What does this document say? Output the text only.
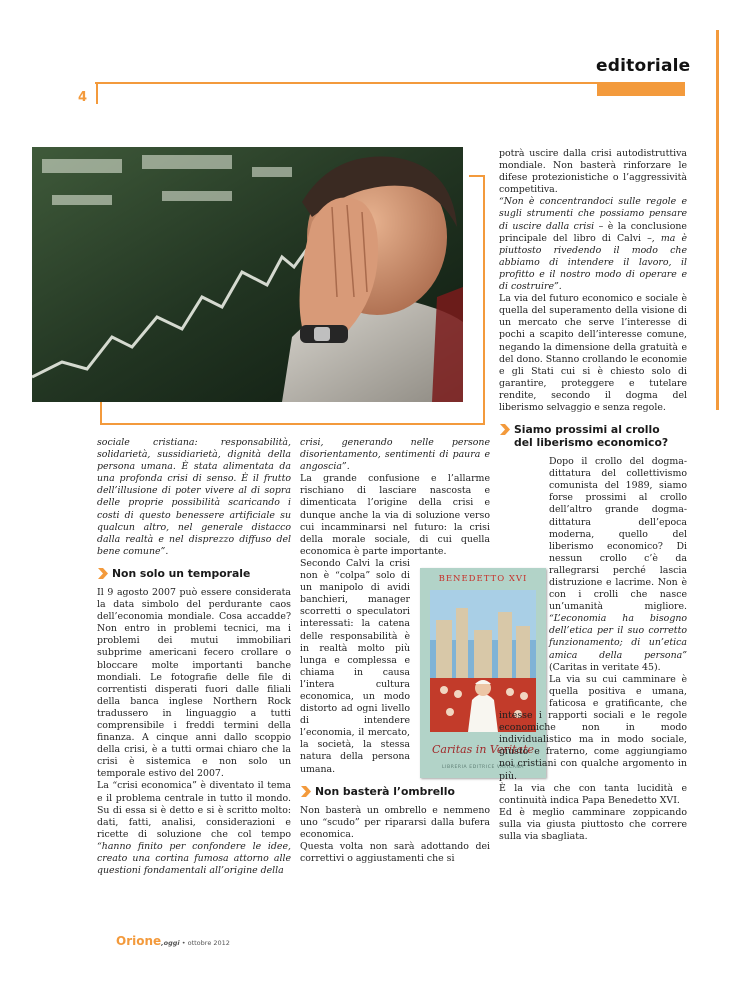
editoriale
4

sociale cristiana: responsabilità, solidarietà, sussidiarietà, dignità della persona umana. È stata alimentata da una profonda crisi di senso. È il frutto dell’illusione di poter vivere al di sopra delle proprie possibilità scaricando i costi di questo benessere artificiale su qualcun altro, nel generale distacco dalla realtà e nel disprezzo diffuso del bene comune”.

Non solo un temporale

Il 9 agosto 2007 può essere considerata la data simbolo del perdurante caos dell’economia mondiale. Cosa accadde? Non entro in problemi tecnici, ma i problemi dei mutui immobiliari subprime americani fecero crollare o bloccare molte importanti banche mondiali. Le fotografie delle file di correntisti disperati fuori dalle filiali della banca inglese Northern Rock tradussero in linguaggio a tutti comprensibile i freddi termini della finanza. A cinque anni dallo scoppio della crisi, è a tutti ormai chiaro che la crisi è sistemica e non solo un temporale estivo del 2007.

La “crisi economica” è diventato il tema e il problema centrale in tutto il mondo. Su di essa si è detto e si è scritto molto: dati, fatti, analisi, considerazioni e ricette di soluzione che col tempo “hanno finito per confondere le idee, creato una cortina fumosa attorno alle questioni fondamentali all’origine della

crisi, generando nelle persone disorientamento, sentimenti di paura e angoscia”.

La grande confusione e l’allarme rischiano di lasciare nascosta e dimenticata l’origine della crisi e dunque anche la via di soluzione verso cui incamminarsi nel futuro: la crisi della morale sociale, di cui quella economica è parte importante.

Secondo Calvi la crisi non è “colpa” solo di un manipolo di avidi banchieri, manager scorretti o speculatori interessati: la catena delle responsabilità è in realtà molto più lunga e complessa e chiama in causa l’intera cultura economica, un modo distorto ad ogni livello di intendere l’economia, il mercato, la società, la stessa natura della persona umana.

Non basterà l’ombrello

Non basterà un ombrello e nemmeno uno “scudo” per ripararsi dalla bufera economica.

Questa volta non sarà adottando dei correttivi o aggiustamenti che si

BENEDETTO XVI
Caritas in Veritate
LIBRERIA EDITRICE VATICANA

potrà uscire dalla crisi autodistruttiva mondiale. Non basterà rinforzare le difese protezionistiche o l’aggressività competitiva.

“Non è concentrandoci sulle regole e sugli strumenti che possiamo pensare di uscire dalla crisi – è la conclusione principale del libro di Calvi –, ma è piuttosto rivedendo il modo che abbiamo di intendere il lavoro, il profitto e il nostro modo di operare e di costruire”.

La via del futuro economico e sociale è quella del superamento della visione di un mercato che serve l’interesse di pochi a scapito dell’interesse comune, negando la dimensione della gratuità e del dono. Stanno crollando le economie e gli Stati cui si è chiesto solo di garantire, proteggere e tutelare rendite, secondo il dogma del liberismo selvaggio e senza regole.

Siamo prossimi al crollo
del liberismo economico?

Dopo il crollo del dogma-dittatura del collettivismo comunista del 1989, siamo forse prossimi al crollo dell’altro grande dogma-dittatura dell’epoca moderna, quello del liberismo economico? Di nessun crollo c’è da rallegrarsi perché lascia distruzione e lacrime. Non è con i crolli che nasce un’umanità migliore. “L’economia ha bisogno dell’etica per il suo corretto funzionamento; di un’etica amica della persona” (Caritas in veritate 45).

La via su cui camminare è quella positiva e umana, faticosa e gratificante, che intesse i rapporti sociali e le regole economiche non in modo individualistico ma in modo sociale, giusto e fraterno, come aggiungiamo noi cristiani con qualche argomento in più.

È la via che con tanta lucidità e continuità indica Papa Benedetto XVI.

Ed è meglio camminare zoppicando sulla via giusta piuttosto che correre sulla via sbagliata.

Orione,oggi • ottobre 2012
